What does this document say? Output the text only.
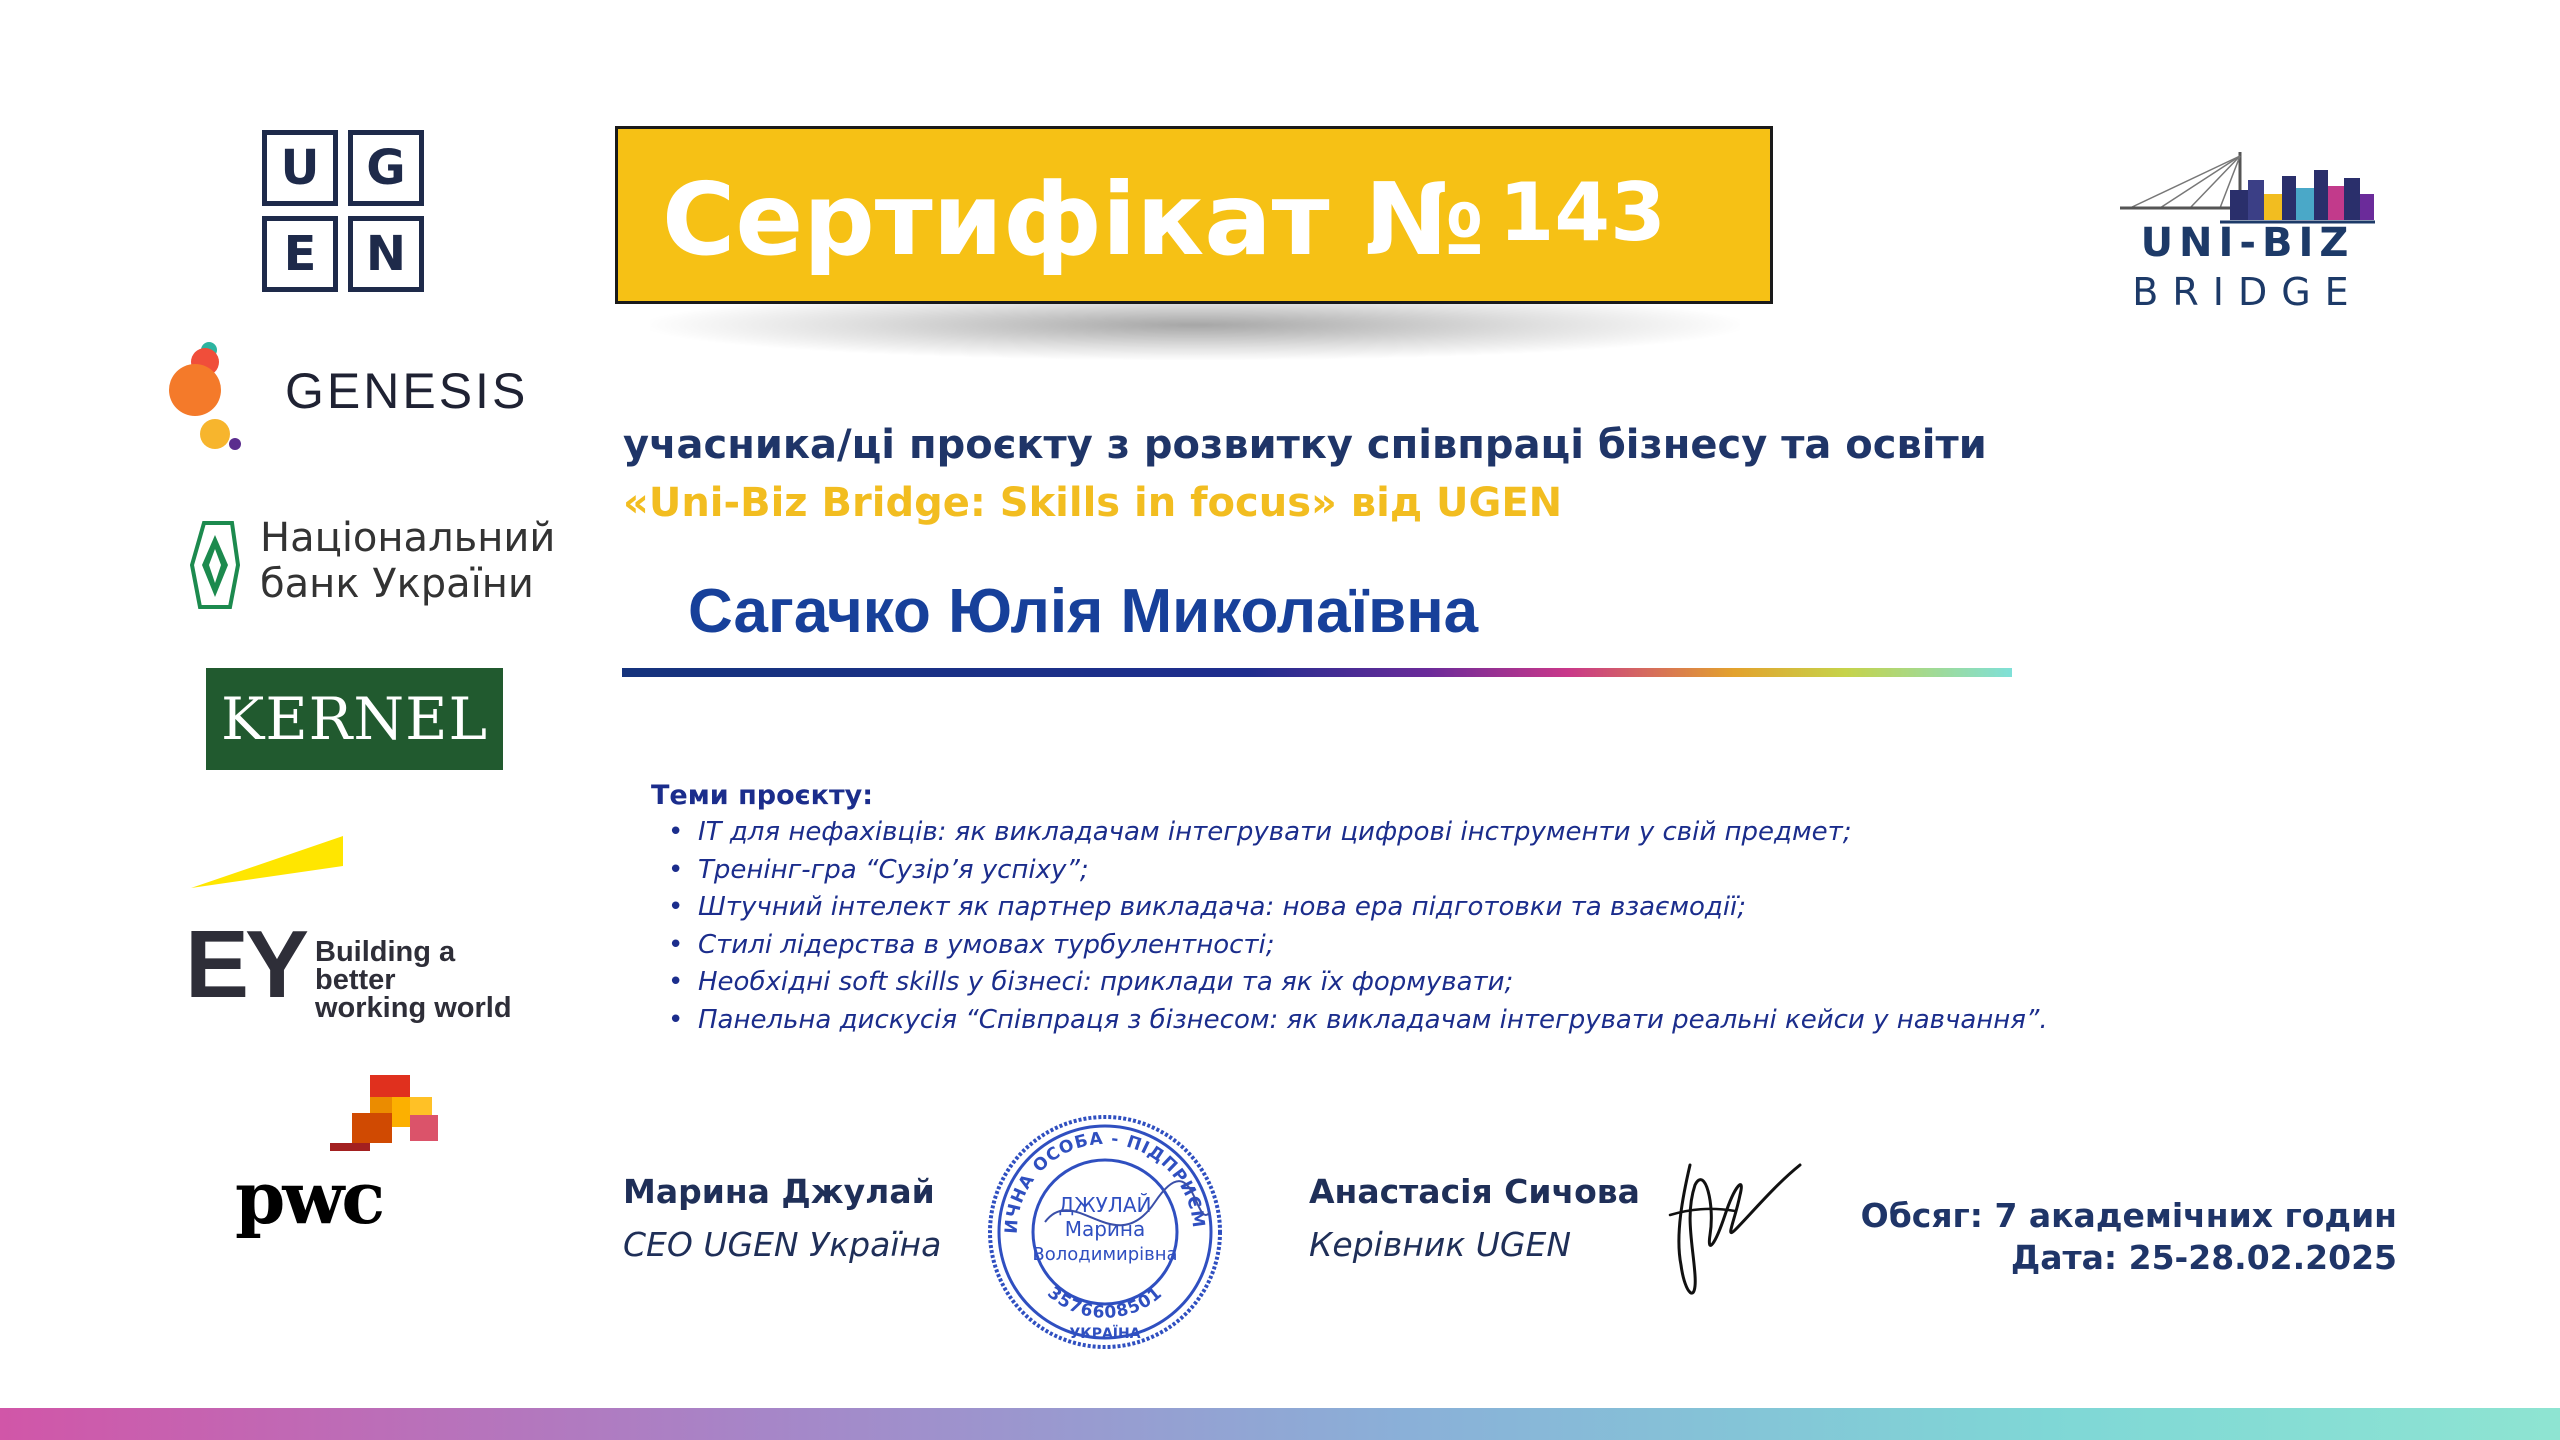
U G
E	N
GENESIS
Національний
банк України
KERNEL
EY Building a better
working world
pwc
Сертифікат № 143	UNI-BIZ
BRIDGE
учасника/ці проєкту з розвитку співпраці бізнесу та освіти
«Uni-Biz Bridge: Skills in focus» від UGEN
Сагачко Юлія Миколаївна
Теми проєкту:
• ІТ для нефахівців: як викладачам інтегрувати цифрові інструменти у свій предмет;
• Тренінг-гра “Сузір’я успіху”;
• Штучний інтелект як партнер викладача: нова ера підготовки та взаємодії;
• Стилі лідерства в умовах турбулентності;
• Необхідні soft skills у бізнесі: приклади та як їх формувати;
• Панельна дискусія “Співпраця з бізнесом: як викладачам інтегрувати реальні кейси у навчання”.
Марина Джулай
CEO UGEN Україна	ИЧНА ОСОБА - ПІДПРИЄМ
3576608501
ДЖУЛАЙ
Марина
Володимирівна
УКРАЇНА
Анастасія Сичова
Керівник UGEN
Обсяг: 7 академічних годин
Дата: 25-28.02.2025
